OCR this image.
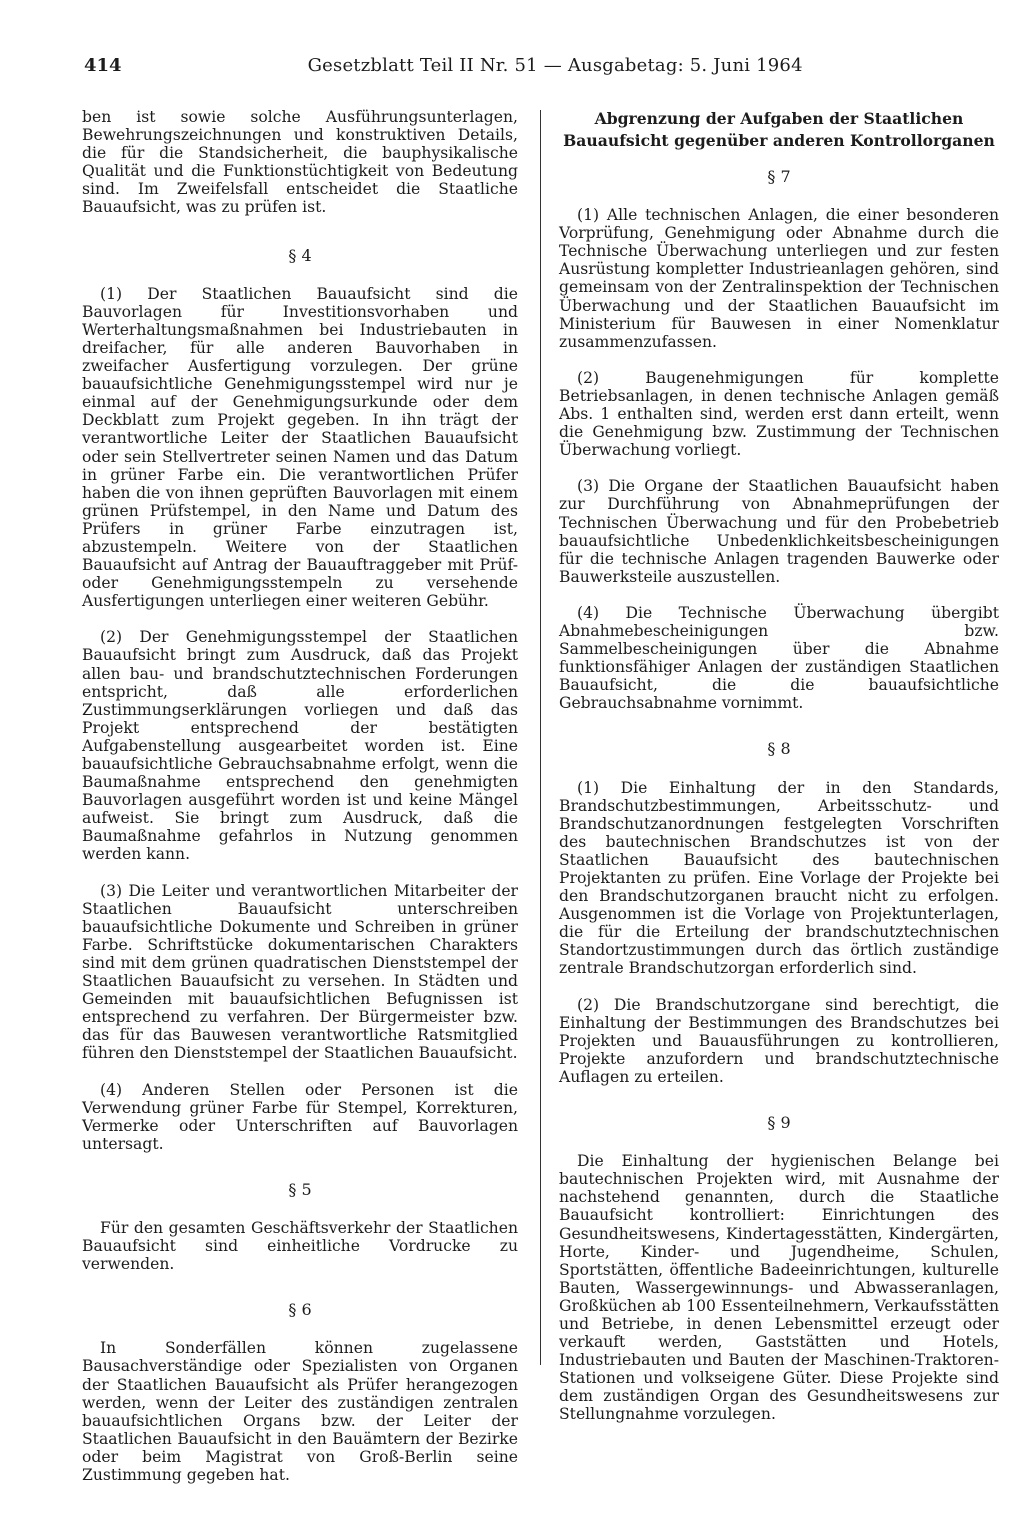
414	Gesetzblatt Teil II Nr. 51 — Ausgabetag: 5. Juni 1964

ben ist sowie solche Ausführungsunterlagen, Bewehrungszeichnungen und konstruktiven Details, die für die Standsicherheit, die bauphysikalische Qualität und die Funktionstüchtigkeit von Bedeutung sind. Im Zweifelsfall entscheidet die Staatliche Bauaufsicht, was zu prüfen ist.

§ 4

(1) Der Staatlichen Bauaufsicht sind die Bauvorlagen für Investitionsvorhaben und Werterhaltungsmaßnahmen bei Industriebauten in dreifacher, für alle anderen Bauvorhaben in zweifacher Ausfertigung vorzulegen. Der grüne bauaufsichtliche Genehmigungsstempel wird nur je einmal auf der Genehmigungsurkunde oder dem Deckblatt zum Projekt gegeben. In ihn trägt der verantwortliche Leiter der Staatlichen Bauaufsicht oder sein Stellvertreter seinen Namen und das Datum in grüner Farbe ein. Die verantwortlichen Prüfer haben die von ihnen geprüften Bauvorlagen mit einem grünen Prüfstempel, in den Name und Datum des Prüfers in grüner Farbe einzutragen ist, abzustempeln. Weitere von der Staatlichen Bauaufsicht auf Antrag der Bauauftraggeber mit Prüf- oder Genehmigungsstempeln zu versehende Ausfertigungen unterliegen einer weiteren Gebühr.

(2) Der Genehmigungsstempel der Staatlichen Bauaufsicht bringt zum Ausdruck, daß das Projekt allen bau- und brandschutztechnischen Forderungen entspricht, daß alle erforderlichen Zustimmungserklärungen vorliegen und daß das Projekt entsprechend der bestätigten Aufgabenstellung ausgearbeitet worden ist. Eine bauaufsichtliche Gebrauchsabnahme erfolgt, wenn die Baumaßnahme entsprechend den genehmigten Bauvorlagen ausgeführt worden ist und keine Mängel aufweist. Sie bringt zum Ausdruck, daß die Baumaßnahme gefahrlos in Nutzung genommen werden kann.

(3) Die Leiter und verantwortlichen Mitarbeiter der Staatlichen Bauaufsicht unterschreiben bauaufsichtliche Dokumente und Schreiben in grüner Farbe. Schriftstücke dokumentarischen Charakters sind mit dem grünen quadratischen Dienststempel der Staatlichen Bauaufsicht zu versehen. In Städten und Gemeinden mit bauaufsichtlichen Befugnissen ist entsprechend zu verfahren. Der Bürgermeister bzw. das für das Bauwesen verantwortliche Ratsmitglied führen den Dienststempel der Staatlichen Bauaufsicht.

(4) Anderen Stellen oder Personen ist die Verwendung grüner Farbe für Stempel, Korrekturen, Vermerke oder Unterschriften auf Bauvorlagen untersagt.

§ 5

Für den gesamten Geschäftsverkehr der Staatlichen Bauaufsicht sind einheitliche Vordrucke zu verwenden.

§ 6

In Sonderfällen können zugelassene Bausachverständige oder Spezialisten von Organen der Staatlichen Bauaufsicht als Prüfer herangezogen werden, wenn der Leiter des zuständigen zentralen bauaufsichtlichen Organs bzw. der Leiter der Staatlichen Bauaufsicht in den Bauämtern der Bezirke oder beim Magistrat von Groß-Berlin seine Zustimmung gegeben hat.

Abgrenzung der Aufgaben der Staatlichen Bauaufsicht gegenüber anderen Kontrollorganen
§ 7

(1) Alle technischen Anlagen, die einer besonderen Vorprüfung, Genehmigung oder Abnahme durch die Technische Überwachung unterliegen und zur festen Ausrüstung kompletter Industrieanlagen gehören, sind gemeinsam von der Zentralinspektion der Technischen Überwachung und der Staatlichen Bauaufsicht im Ministerium für Bauwesen in einer Nomenklatur zusammenzufassen.

(2) Baugenehmigungen für komplette Betriebsanlagen, in denen technische Anlagen gemäß Abs. 1 enthalten sind, werden erst dann erteilt, wenn die Genehmigung bzw. Zustimmung der Technischen Überwachung vorliegt.

(3) Die Organe der Staatlichen Bauaufsicht haben zur Durchführung von Abnahmeprüfungen der Technischen Überwachung und für den Probebetrieb bauaufsichtliche Unbedenklichkeitsbescheinigungen für die technische Anlagen tragenden Bauwerke oder Bauwerksteile auszustellen.

(4) Die Technische Überwachung übergibt Abnahmebescheinigungen bzw. Sammelbescheinigungen über die Abnahme funktionsfähiger Anlagen der zuständigen Staatlichen Bauaufsicht, die die bauaufsichtliche Gebrauchsabnahme vornimmt.

§ 8

(1) Die Einhaltung der in den Standards, Brandschutzbestimmungen, Arbeitsschutz- und Brandschutzanordnungen festgelegten Vorschriften des bautechnischen Brandschutzes ist von der Staatlichen Bauaufsicht des bautechnischen Projektanten zu prüfen. Eine Vorlage der Projekte bei den Brandschutzorganen braucht nicht zu erfolgen. Ausgenommen ist die Vorlage von Projektunterlagen, die für die Erteilung der brandschutztechnischen Standortzustimmungen durch das örtlich zuständige zentrale Brandschutzorgan erforderlich sind.

(2) Die Brandschutzorgane sind berechtigt, die Einhaltung der Bestimmungen des Brandschutzes bei Projekten und Bauausführungen zu kontrollieren, Projekte anzufordern und brandschutztechnische Auflagen zu erteilen.

§ 9

Die Einhaltung der hygienischen Belange bei bautechnischen Projekten wird, mit Ausnahme der nachstehend genannten, durch die Staatliche Bauaufsicht kontrolliert: Einrichtungen des Gesundheitswesens, Kindertagesstätten, Kindergärten, Horte, Kinder- und Jugendheime, Schulen, Sportstätten, öffentliche Badeeinrichtungen, kulturelle Bauten, Wassergewinnungs- und Abwasseranlagen, Großküchen ab 100 Essenteilnehmern, Verkaufsstätten und Betriebe, in denen Lebensmittel erzeugt oder verkauft werden, Gaststätten und Hotels, Industriebauten und Bauten der Maschinen-Traktoren-Stationen und volkseigene Güter. Diese Projekte sind dem zuständigen Organ des Gesundheitswesens zur Stellungnahme vorzulegen.
